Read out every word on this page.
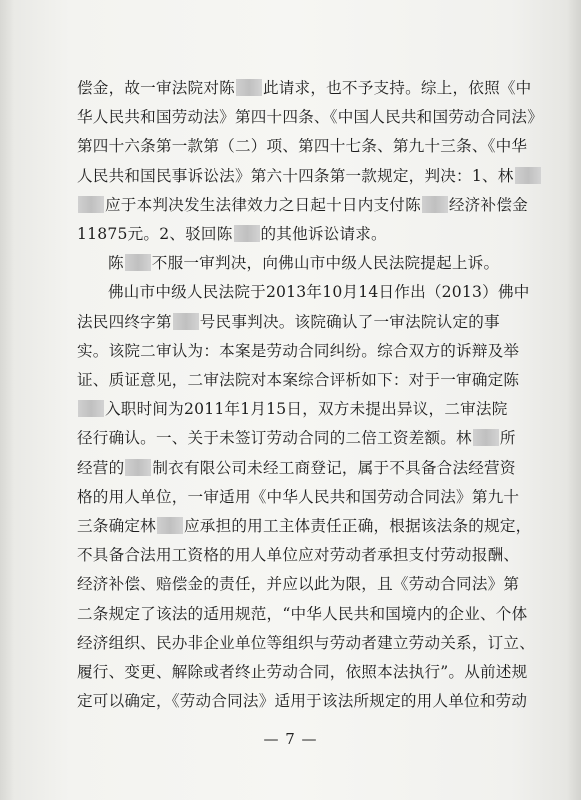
偿金，故一审法院对陈 此请求，也不予支持。综上，依照《中
华人民共和国劳动法》第四十四条、《中国人民共和国劳动合同法》
第四十六条第一款第（二）项、第四十七条、第九十三条、《中华
人民共和国民事诉讼法》第六十四条第一款规定，判决：1、林
应于本判决发生法律效力之日起十日内支付陈 经济补偿金
11875元。2、驳回陈 的其他诉讼请求。
陈 不服一审判决，向佛山市中级人民法院提起上诉。
佛山市中级人民法院于2013年10月14日作出（2013）佛中
法民四终字第 号民事判决。该院确认了一审法院认定的事
实。该院二审认为：本案是劳动合同纠纷。综合双方的诉辩及举
证、质证意见，二审法院对本案综合评析如下：对于一审确定陈
入职时间为2011年1月15日，双方未提出异议，二审法院
径行确认。一、关于未签订劳动合同的二倍工资差额。林 所
经营的 制衣有限公司未经工商登记，属于不具备合法经营资
格的用人单位，一审适用《中华人民共和国劳动合同法》第九十
三条确定林 应承担的用工主体责任正确，根据该法条的规定，
不具备合法用工资格的用人单位应对劳动者承担支付劳动报酬、
经济补偿、赔偿金的责任，并应以此为限，且《劳动合同法》第
二条规定了该法的适用规范，“中华人民共和国境内的企业、个体
经济组织、民办非企业单位等组织与劳动者建立劳动关系，订立、
履行、变更、解除或者终止劳动合同，依照本法执行”。从前述规
定可以确定，《劳动合同法》适用于该法所规定的用人单位和劳动
— 7 —
